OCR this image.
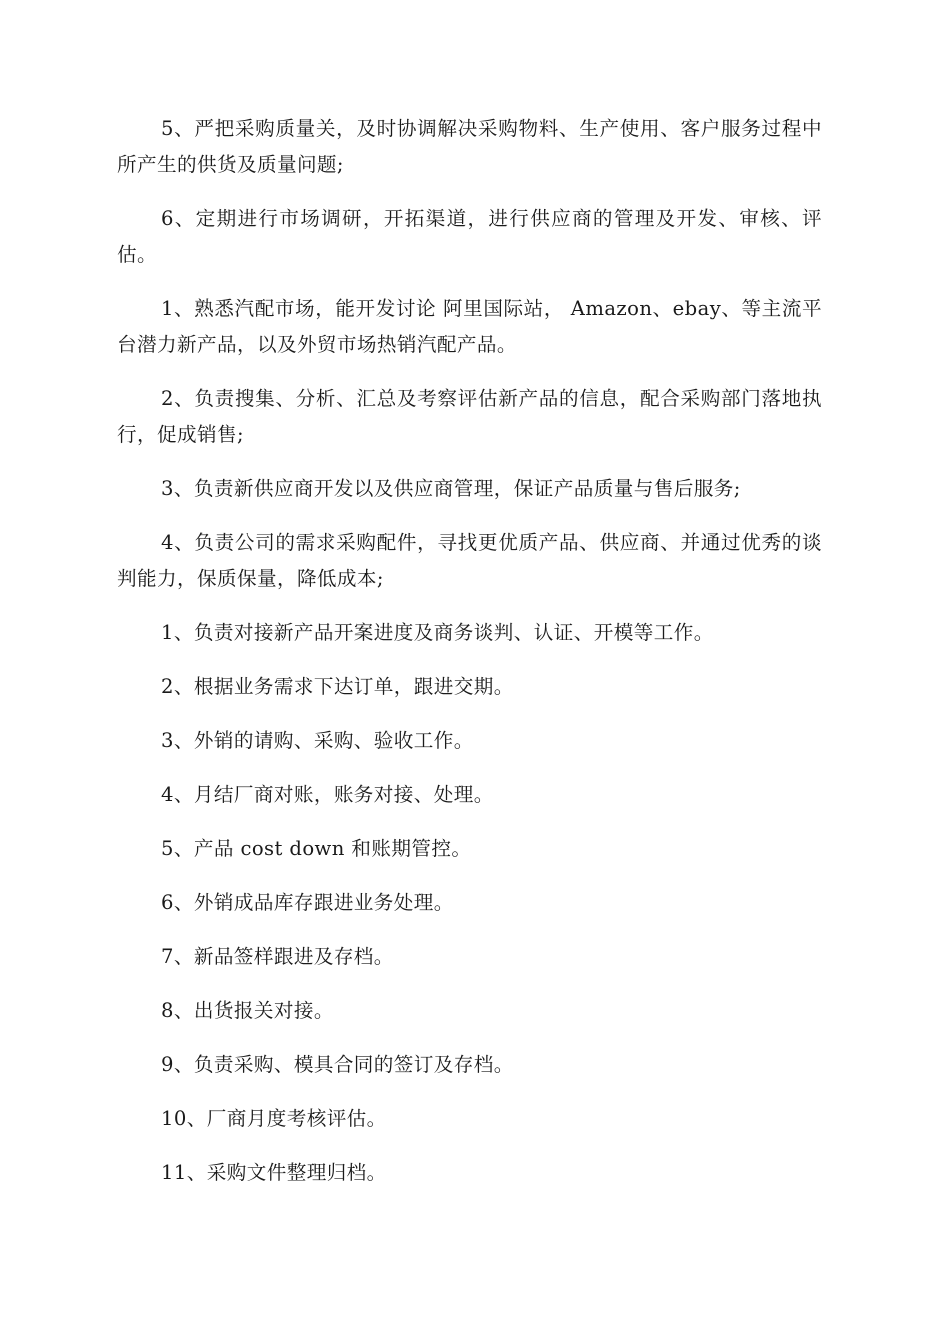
5、严把采购质量关，及时协调解决采购物料、生产使用、客户服务过程中所产生的供货及质量问题;

6、定期进行市场调研，开拓渠道，进行供应商的管理及开发、审核、评估。

1、熟悉汽配市场，能开发讨论 阿里国际站， Amazon、ebay、等主流平台潜力新产品，以及外贸市场热销汽配产品。

2、负责搜集、分析、汇总及考察评估新产品的信息，配合采购部门落地执行，促成销售;

3、负责新供应商开发以及供应商管理，保证产品质量与售后服务;

4、负责公司的需求采购配件，寻找更优质产品、供应商、并通过优秀的谈判能力，保质保量，降低成本;

1、负责对接新产品开案进度及商务谈判、认证、开模等工作。

2、根据业务需求下达订单，跟进交期。

3、外销的请购、采购、验收工作。

4、月结厂商对账，账务对接、处理。

5、产品 cost down 和账期管控。

6、外销成品库存跟进业务处理。

7、新品签样跟进及存档。

8、出货报关对接。

9、负责采购、模具合同的签订及存档。

10、厂商月度考核评估。

11、采购文件整理归档。
